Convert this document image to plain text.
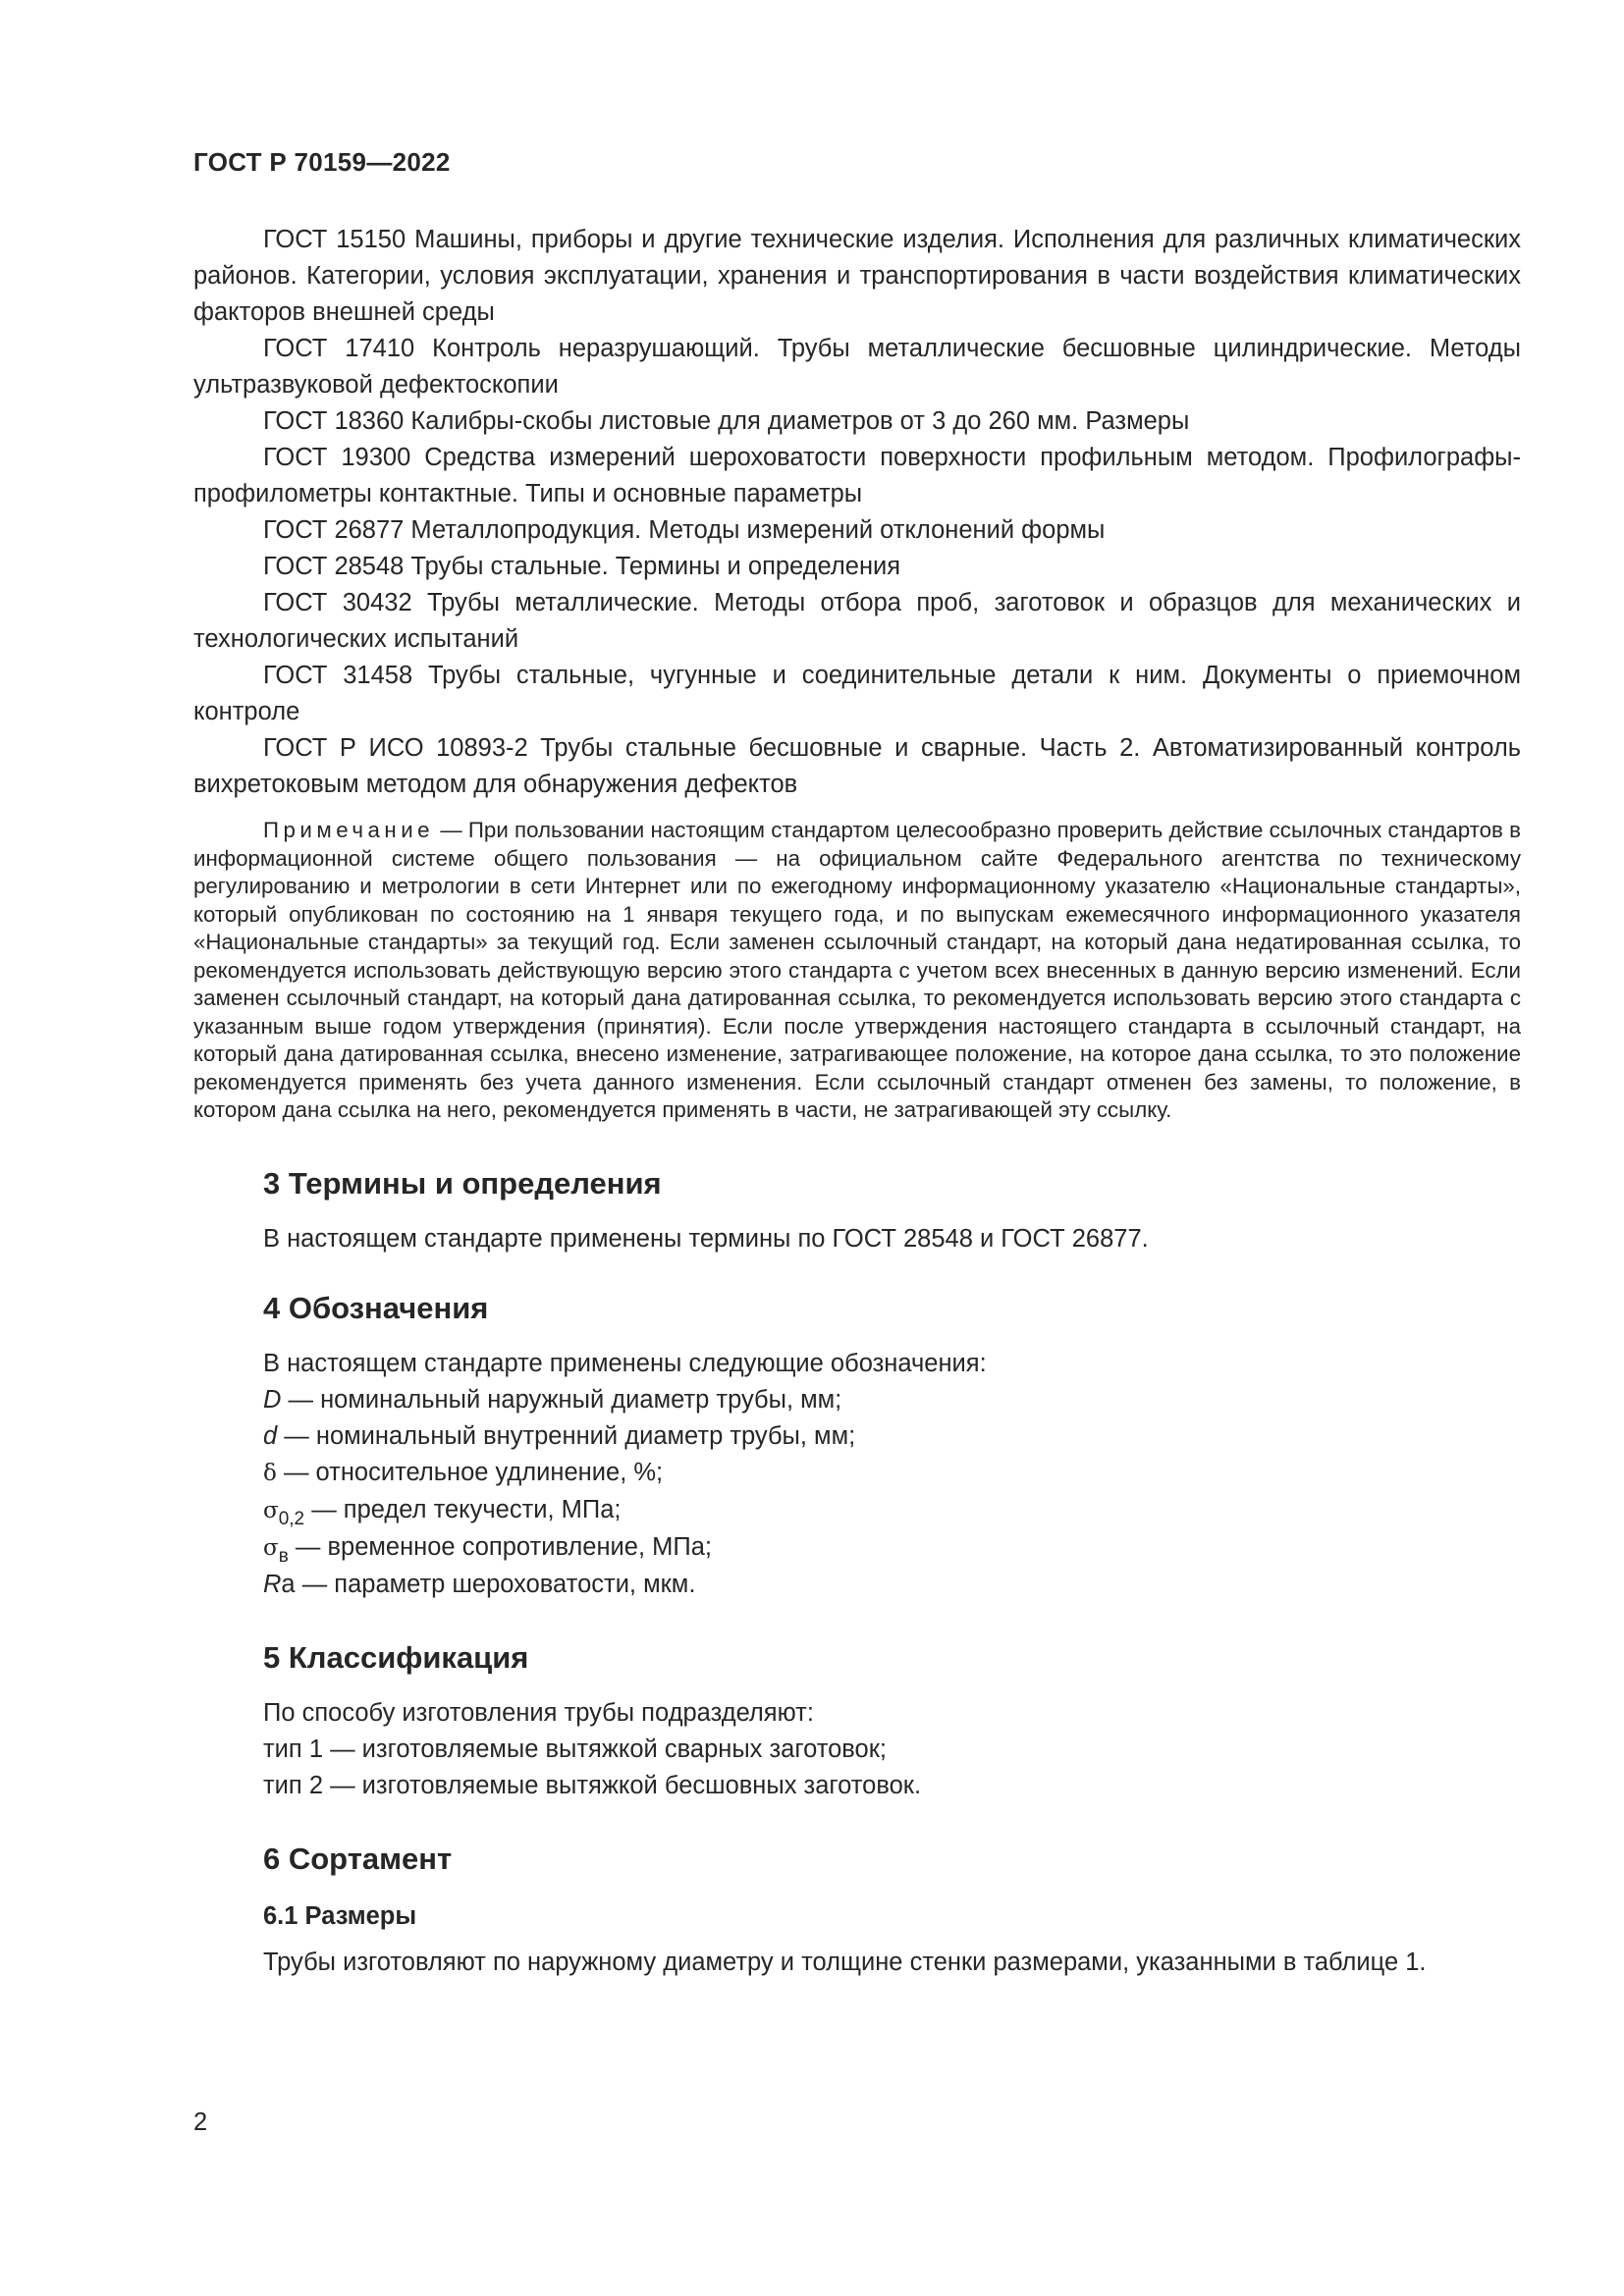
ГОСТ Р 70159—2022

ГОСТ 15150 Машины, приборы и другие технические изделия. Исполнения для различных климатических районов. Категории, условия эксплуатации, хранения и транспортирования в части воздействия климатических факторов внешней среды

ГОСТ 17410 Контроль неразрушающий. Трубы металлические бесшовные цилиндрические. Методы ультразвуковой дефектоскопии

ГОСТ 18360 Калибры-скобы листовые для диаметров от 3 до 260 мм. Размеры

ГОСТ 19300 Средства измерений шероховатости поверхности профильным методом. Профилографы-профилометры контактные. Типы и основные параметры

ГОСТ 26877 Металлопродукция. Методы измерений отклонений формы

ГОСТ 28548 Трубы стальные. Термины и определения

ГОСТ 30432 Трубы металлические. Методы отбора проб, заготовок и образцов для механических и технологических испытаний

ГОСТ 31458 Трубы стальные, чугунные и соединительные детали к ним. Документы о приемочном контроле

ГОСТ Р ИСО 10893-2 Трубы стальные бесшовные и сварные. Часть 2. Автоматизированный контроль вихретоковым методом для обнаружения дефектов

Примечание — При пользовании настоящим стандартом целесообразно проверить действие ссылочных стандартов в информационной системе общего пользования — на официальном сайте Федерального агентства по техническому регулированию и метрологии в сети Интернет или по ежегодному информационному указателю «Национальные стандарты», который опубликован по состоянию на 1 января текущего года, и по выпускам ежемесячного информационного указателя «Национальные стандарты» за текущий год. Если заменен ссылочный стандарт, на который дана недатированная ссылка, то рекомендуется использовать действующую версию этого стандарта с учетом всех внесенных в данную версию изменений. Если заменен ссылочный стандарт, на который дана датированная ссылка, то рекомендуется использовать версию этого стандарта с указанным выше годом утверждения (принятия). Если после утверждения настоящего стандарта в ссылочный стандарт, на который дана датированная ссылка, внесено изменение, затрагивающее положение, на которое дана ссылка, то это положение рекомендуется применять без учета данного изменения. Если ссылочный стандарт отменен без замены, то положение, в котором дана ссылка на него, рекомендуется применять в части, не затрагивающей эту ссылку.

3 Термины и определения

В настоящем стандарте применены термины по ГОСТ 28548 и ГОСТ 26877.

4 Обозначения

В настоящем стандарте применены следующие обозначения:

D — номинальный наружный диаметр трубы, мм;

d — номинальный внутренний диаметр трубы, мм;

δ — относительное удлинение, %;

$\sigma_{0,2}$ — предел текучести, МПа;

$\sigma_в$ — временное сопротивление, МПа;

Ra — параметр шероховатости, мкм.

5 Классификация

По способу изготовления трубы подразделяют:

тип 1 — изготовляемые вытяжкой сварных заготовок;

тип 2 — изготовляемые вытяжкой бесшовных заготовок.

6 Сортамент
6.1 Размеры

Трубы изготовляют по наружному диаметру и толщине стенки размерами, указанными в таблице 1.

2
